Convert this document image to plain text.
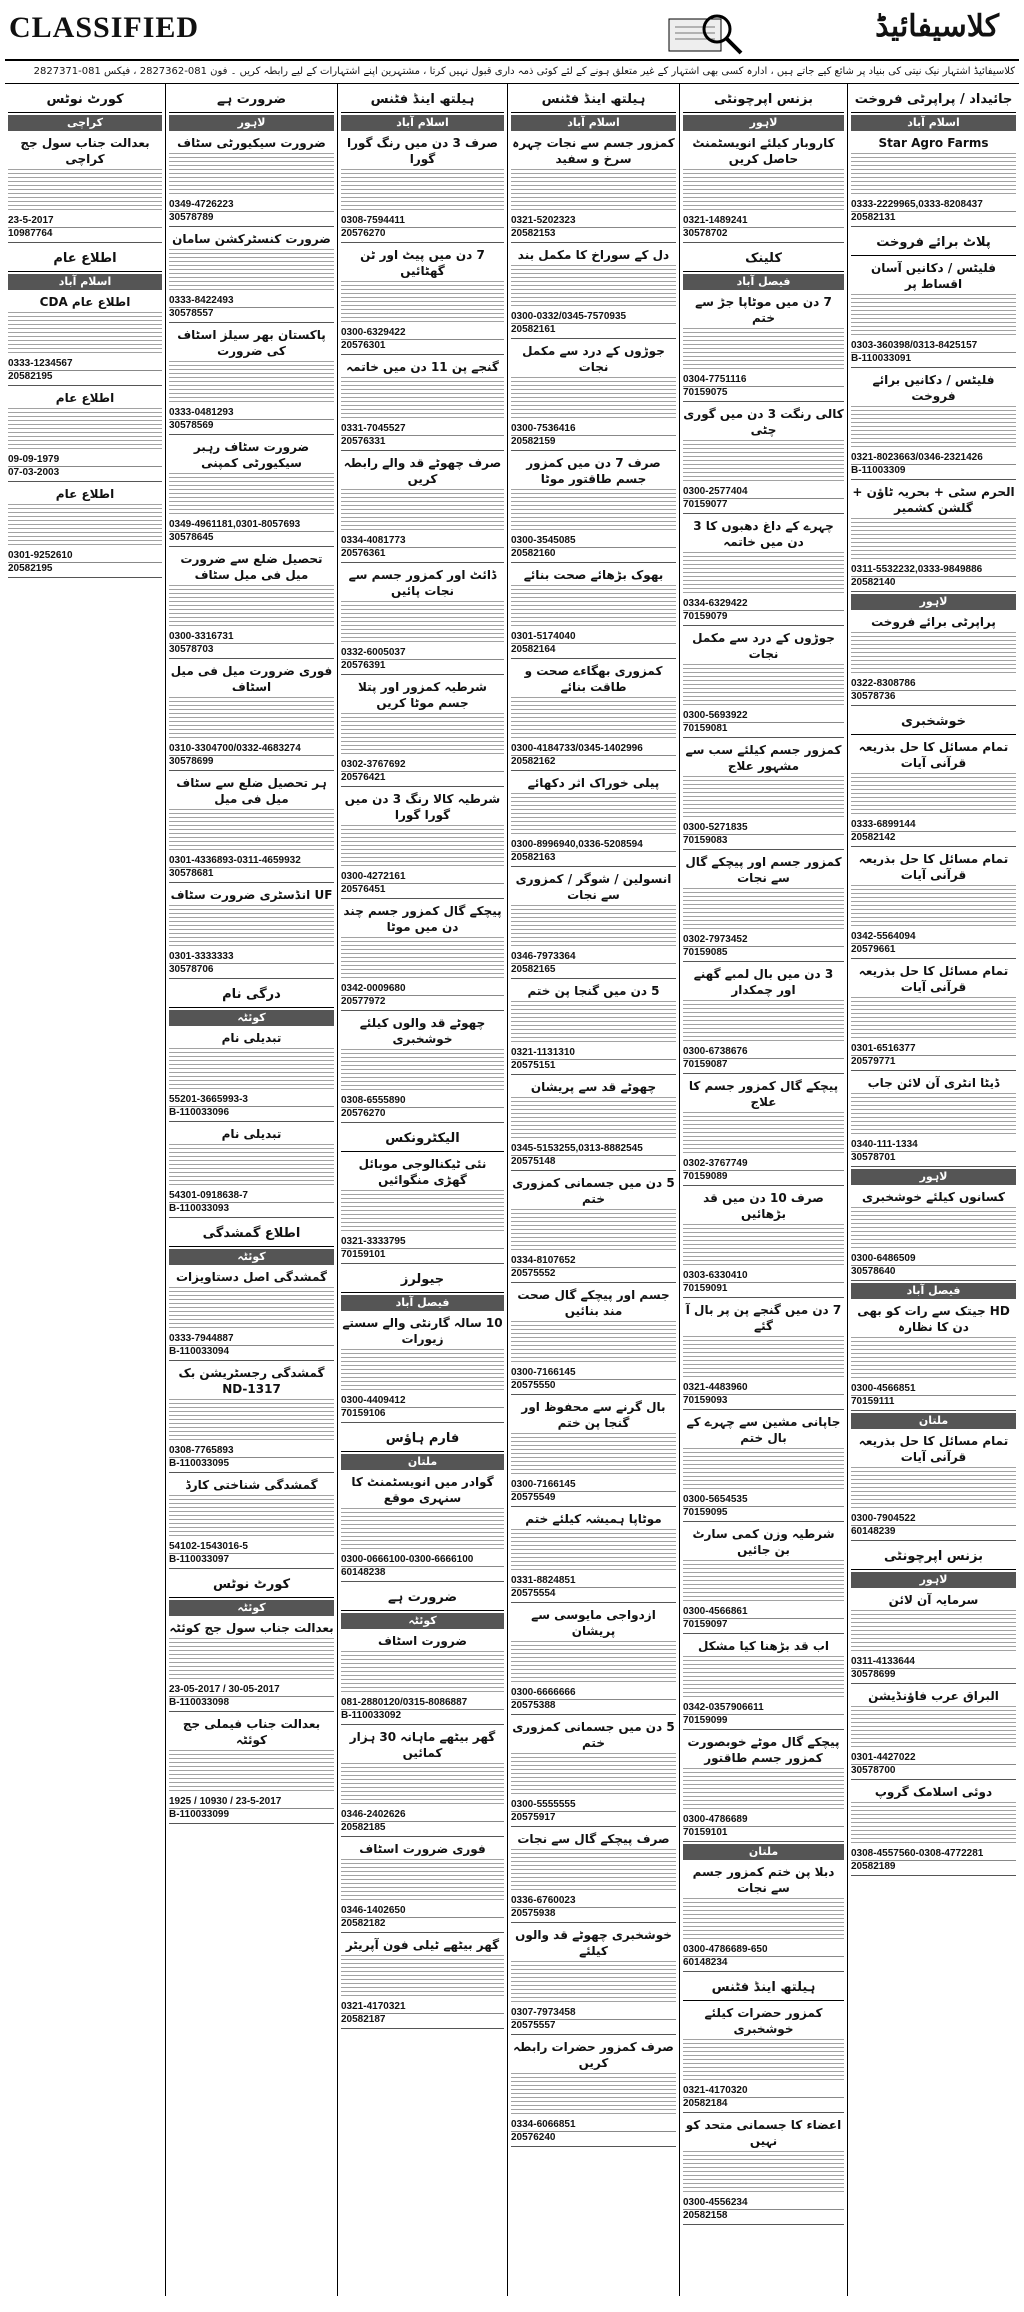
CLASSIFIED	کلاسیفائیڈ
کلاسیفائیڈ اشتہار نیک نیتی کی بنیاد پر شائع کیے جاتے ہیں ، ادارہ کسی بھی اشتہار کے غیر متعلق ہونے کے لئے کوئی ذمہ داری قبول نہیں کرتا ، مشتہرین اپنے اشتہارات کے لیے رابطہ کریں ۔ فون 081-2827362 ، فیکس 081-2827371
جائیداد / پراپرٹی فروخت
اسلام آباد
Star Agro Farms
0333-2229965,0333-8208437
20582131
پلاٹ برائے فروخت
فلیٹس / دکانیں آسان اقساط پر
0303-360398/0313-8425157
B-110033091
فلیٹس / دکانیں برائے فروخت
0321-8023663/0346-2321426
B-11003309
الحرم سٹی + بحریہ ٹاؤن + گلشن کشمیر
0311-5532232,0333-9849886
20582140
لاہور
پراپرٹی برائے فروخت
0322-8308786
30578736
خوشخبری
تمام مسائل کا حل بذریعہ قرآنی آیات
0333-6899144
20582142
تمام مسائل کا حل بذریعہ قرآنی آیات
0342-5564094
20579661
تمام مسائل کا حل بذریعہ قرآنی آیات
0301-6516377
20579771
ڈیٹا انٹری آن لائن جاب
0340-111-1334
30578701
لاہور
کسانوں کیلئے خوشخبری
0300-6486509
30578640
فیصل آباد
HD جیتک سے رات کو بھی دن کا نظارہ
0300-4566851
70159111
ملتان
تمام مسائل کا حل بذریعہ قرآنی آیات
0300-7904522
60148239
بزنس اپرچونٹی
لاہور
سرمایہ آن لائن
0311-4133644
30578699
البراق عرب فاؤنڈیشن
0301-4427022
30578700
دوئی اسلامک گروپ
0308-4557560-0308-4772281
20582189
بزنس اپرچونٹی
لاہور
کاروبار کیلئے انویسٹمنٹ حاصل کریں
0321-1489241
30578702
کلینک
فیصل آباد
7 دن میں موٹاپا جڑ سے ختم
0304-7751116
70159075
کالی رنگت 3 دن میں گوری چٹی
0300-2577404
70159077
چہرے کے داغ دھبوں کا 3 دن میں خاتمہ
0334-6329422
70159079
جوڑوں کے درد سے مکمل نجات
0300-5693922
70159081
کمزور جسم کیلئے سب سے مشہور علاج
0300-5271835
70159083
کمزور جسم اور پیچکے گال سے نجات
0302-7973452
70159085
3 دن میں بال لمبے گھنے اور چمکدار
0300-6738676
70159087
پیچکے گال کمزور جسم کا علاج
0302-3767749
70159089
صرف 10 دن میں قد بڑھائیں
0303-6330410
70159091
7 دن میں گنجے پن پر بال آ گئے
0321-4483960
70159093
جاپانی مشین سے چہرے کے بال ختم
0300-5654535
70159095
شرطیہ وزن کمی سارٹ بن جائیں
0300-4566861
70159097
اب قد بڑھنا کیا مشکل
0342-0357906611
70159099
پیچکے گال موٹے خوبصورت کمزور جسم طاقتور
0300-4786689
70159101
ملتان
دبلا پن ختم کمزور جسم سے نجات
0300-4786689-650
60148234
ہیلتھ اینڈ فٹنس
کمزور حضرات کیلئے خوشخبری
0321-4170320
20582184
اعضاء کا جسمانی متحد کو نہیں
0300-4556234
20582158
ہیلتھ اینڈ فٹنس
اسلام آباد
کمزور جسم سے نجات چہرہ سرخ و سفید
0321-5202323
20582153
دل کے سوراخ کا مکمل بند
0300-0332/0345-7570935
20582161
جوڑوں کے درد سے مکمل نجات
0300-7536416
20582159
صرف 7 دن میں کمزور جسم طاقتور موٹا
0300-3545085
20582160
بھوک بڑھائے صحت بنائے
0301-5174040
20582164
کمزوری بھگاءے صحت و طاقت بنائے
0300-4184733/0345-1402996
20582162
پیلی خوراک اثر دکھائے
0300-8996940,0336-5208594
20582163
انسولین / شوگر / کمزوری سے نجات
0346-7973364
20582165
5 دن میں گنجا پن ختم
0321-1131310
20575151
چھوٹے قد سے پریشان
0345-5153255,0313-8882545
20575148
5 دن میں جسمانی کمزوری ختم
0334-8107652
20575552
جسم اور پیچکے گال صحت مند بنائیں
0300-7166145
20575550
بال گرنے سے محفوظ اور گنجا پن ختم
0300-7166145
20575549
موٹاپا ہمیشہ کیلئے ختم
0331-8824851
20575554
ازدواجی مایوسی سے پریشان
0300-6666666
20575388
5 دن میں جسمانی کمزوری ختم
0300-5555555
20575917
صرف پیچکے گال سے نجات
0336-6760023
20575938
خوشخبری چھوٹے قد والوں کیلئے
0307-7973458
20575557
صرف کمزور حضرات رابطہ کریں
0334-6066851
20576240
ہیلتھ اینڈ فٹنس
اسلام آباد
صرف 3 دن میں رنگ گورا گورا
0308-7594411
20576270
7 دن میں پیٹ اور ٹن گھٹائیں
0300-6329422
20576301
گنجے پن 11 دن میں خاتمہ
0331-7045527
20576331
صرف چھوٹے قد والے رابطہ کریں
0334-4081773
20576361
ڈائٹ اور کمزور جسم سے نجات پائیں
0332-6005037
20576391
شرطیہ کمزور اور پتلا جسم موٹا کریں
0302-3767692
20576421
شرطیہ کالا رنگ 3 دن میں گورا گورا
0300-4272161
20576451
پیچکے گال کمزور جسم چند دن میں موٹا
0342-0009680
20577972
چھوٹے قد والوں کیلئے خوشخبری
0308-6555890
20576270
الیکٹرونکس
نئی ٹیکنالوجی موبائل گھڑی منگوائیں
0321-3333795
70159101
جیولرز
فیصل آباد
10 سالہ گارنٹی والے سستے زیورات
0300-4409412
70159106
فارم ہاؤس
ملتان
گوادر میں انویسٹمنٹ کا سنہری موقع
0300-0666100-0300-6666100
60148238
ضرورت ہے
کوئٹہ
ضرورت اسٹاف
081-2880120/0315-8086887
B-110033092
گھر بیٹھے ماہانہ 30 ہزار کمائیں
0346-2402626
20582185
فوری ضرورت اسٹاف
0346-1402650
20582182
گھر بیٹھے ٹیلی فون آپریٹر
0321-4170321
20582187
ضرورت ہے
لاہور
ضرورت سیکیورٹی سٹاف
0349-4726223
30578789
ضرورت کنسٹرکشن سامان
0333-8422493
30578557
پاکستان بھر سیلز اسٹاف کی ضرورت
0333-0481293
30578569
ضرورت سٹاف رہبر سیکیورٹی کمپنی
0349-4961181,0301-8057693
30578645
تحصیل ضلع سے ضرورت میل فی میل سٹاف
0300-3316731
30578703
فوری ضرورت میل فی میل اسٹاف
0310-3304700/0332-4683274
30578699
ہر تحصیل ضلع سے سٹاف میل فی میل
0301-4336893-0311-4659932
30578681
UF انڈسٹری ضرورت سٹاف
0301-3333333
30578706
درگی نام
کوئٹہ
تبدیلی نام
55201-3665993-3
B-110033096
تبدیلی نام
54301-0918638-7
B-110033093
اطلاع گمشدگی
کوئٹہ
گمشدگی اصل دستاویزات
0333-7944887
B-110033094
گمشدگی رجسٹریشن بک ND-1317
0308-7765893
B-110033095
گمشدگی شناختی کارڈ
54102-1543016-5
B-110033097
کورٹ نوٹس
کوئٹہ
بعدالت جناب سول جج کوئٹہ
23-05-2017 / 30-05-2017
B-110033098
بعدالت جناب فیملی جج کوئٹہ
1925 / 10930 / 23-5-2017
B-110033099
کورٹ نوٹس
کراچی
بعدالت جناب سول جج کراچی
23-5-2017
10987764
اطلاع عام
اسلام آباد
اطلاع عام CDA
0333-1234567
20582195
اطلاع عام
09-09-1979
07-03-2003
اطلاع عام
0301-9252610
20582195
